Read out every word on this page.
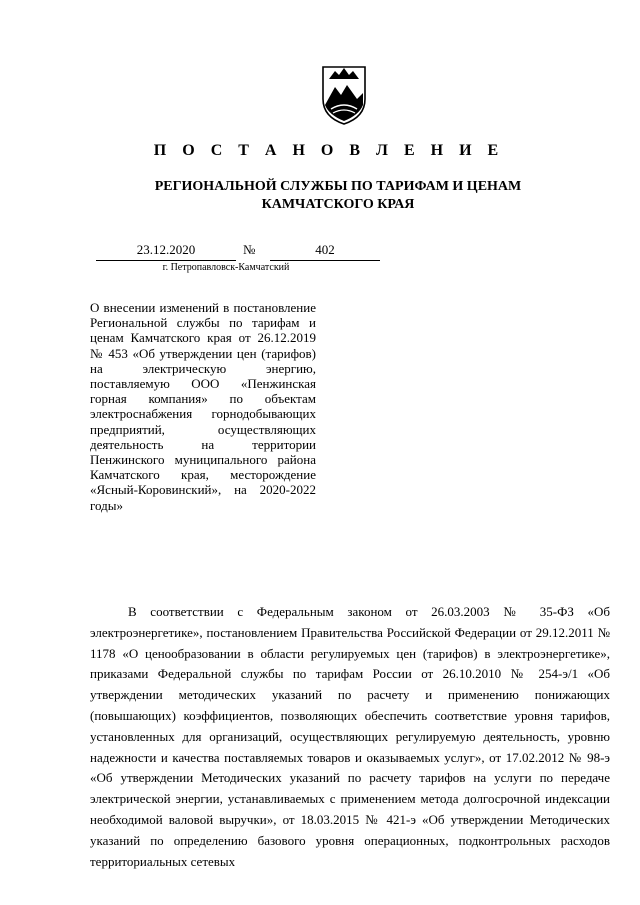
П О С Т А Н О В Л Е Н И Е
РЕГИОНАЛЬНОЙ СЛУЖБЫ ПО ТАРИФАМ И ЦЕНАМ
КАМЧАТСКОГО КРАЯ
23.12.2020	№	402
г. Петропавловск-Камчатский
О внесении изменений в постановление Региональной службы по тарифам и ценам Камчатского края от 26.12.2019 № 453 «Об утверждении цен (тарифов) на электрическую энергию, поставляемую ООО «Пенжинская горная компания» по объектам электроснабжения горнодобывающих предприятий, осуществляющих деятельность на территории Пенжинского муниципального района Камчатского края, месторождение «Ясный-Коровинский», на 2020-2022 годы»
В соответствии с Федеральным законом от 26.03.2003 № 35-ФЗ «Об электроэнергетике», постановлением Правительства Российской Федерации от 29.12.2011 № 1178 «О ценообразовании в области регулируемых цен (тарифов) в электроэнергетике», приказами Федеральной службы по тарифам России от 26.10.2010 № 254-э/1 «Об утверждении методических указаний по расчету и применению понижающих (повышающих) коэффициентов, позволяющих обеспечить соответствие уровня тарифов, установленных для организаций, осуществляющих регулируемую деятельность, уровню надежности и качества поставляемых товаров и оказываемых услуг», от 17.02.2012 № 98-э «Об утверждении Методических указаний по расчету тарифов на услуги по передаче электрической энергии, устанавливаемых с применением метода долгосрочной индексации необходимой валовой выручки», от 18.03.2015 № 421-э «Об утверждении Методических указаний по определению базового уровня операционных, подконтрольных расходов территориальных сетевых
